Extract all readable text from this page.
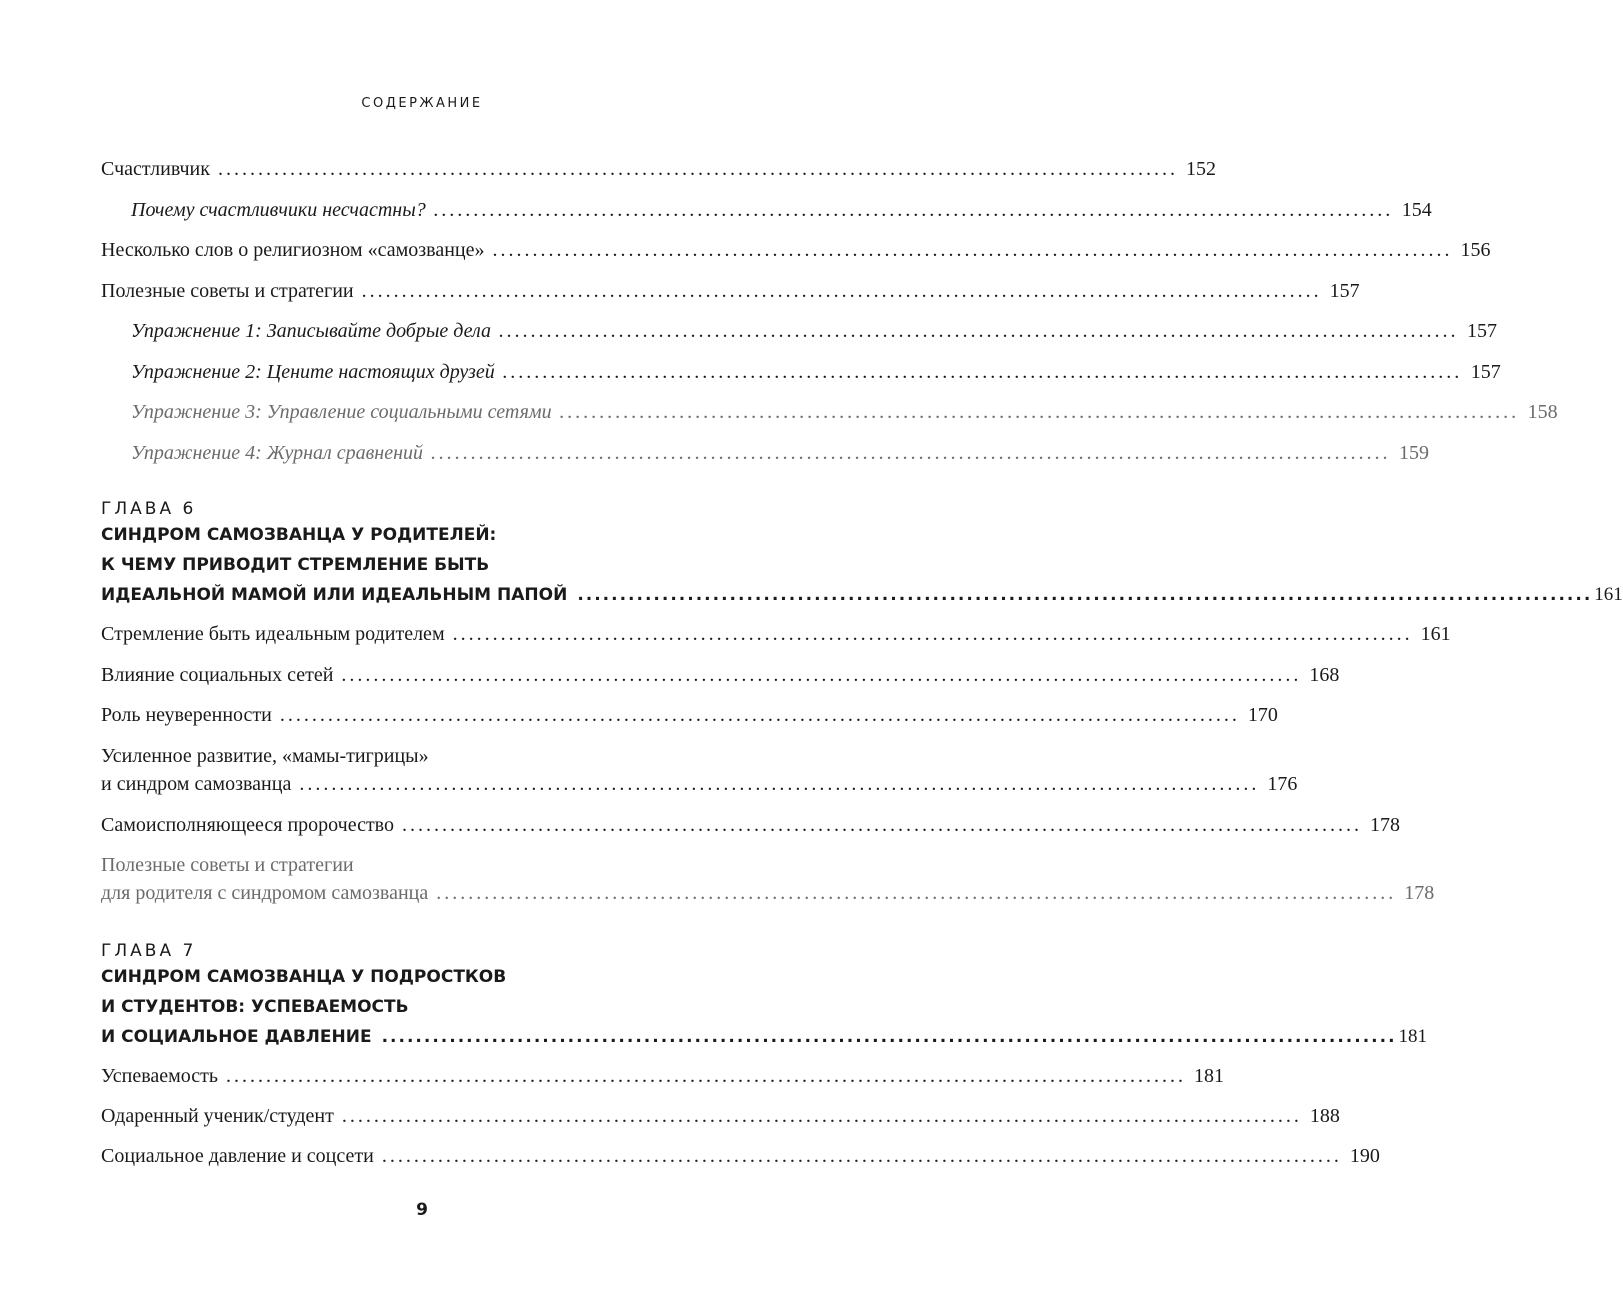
СОДЕРЖАНИЕ
Счастливчик ........................................................................................................................ 152
Почему счастливчики несчастны? ........................................................................................................................ 154
Несколько слов о религиозном «самозванце» ........................................................................................................................ 156
Полезные советы и стратегии ........................................................................................................................ 157
Упражнение 1: Записывайте добрые дела ........................................................................................................................ 157
Упражнение 2: Цените настоящих друзей ........................................................................................................................ 157
Упражнение 3: Управление социальными сетями ........................................................................................................................ 158
Упражнение 4: Журнал сравнений ........................................................................................................................ 159
ГЛАВА 6
СИНДРОМ САМОЗВАНЦА У РОДИТЕЛЕЙ:
К ЧЕМУ ПРИВОДИТ СТРЕМЛЕНИЕ БЫТЬ
ИДЕАЛЬНОЙ МАМОЙ ИЛИ ИДЕАЛЬНЫМ ПАПОЙ ........................................................................................................................ 161
Стремление быть идеальным родителем ........................................................................................................................ 161
Влияние социальных сетей ........................................................................................................................ 168
Роль неуверенности ........................................................................................................................ 170
Усиленное развитие, «мамы-тигрицы»
и синдром самозванца ........................................................................................................................ 176
Самоисполняющееся пророчество ........................................................................................................................ 178
Полезные советы и стратегии
для родителя с синдромом самозванца ........................................................................................................................ 178
ГЛАВА 7
СИНДРОМ САМОЗВАНЦА У ПОДРОСТКОВ
И СТУДЕНТОВ: УСПЕВАЕМОСТЬ
И СОЦИАЛЬНОЕ ДАВЛЕНИЕ ........................................................................................................................ 181
Успеваемость ........................................................................................................................ 181
Одаренный ученик/студент ........................................................................................................................ 188
Социальное давление и соцсети ........................................................................................................................ 190
9
